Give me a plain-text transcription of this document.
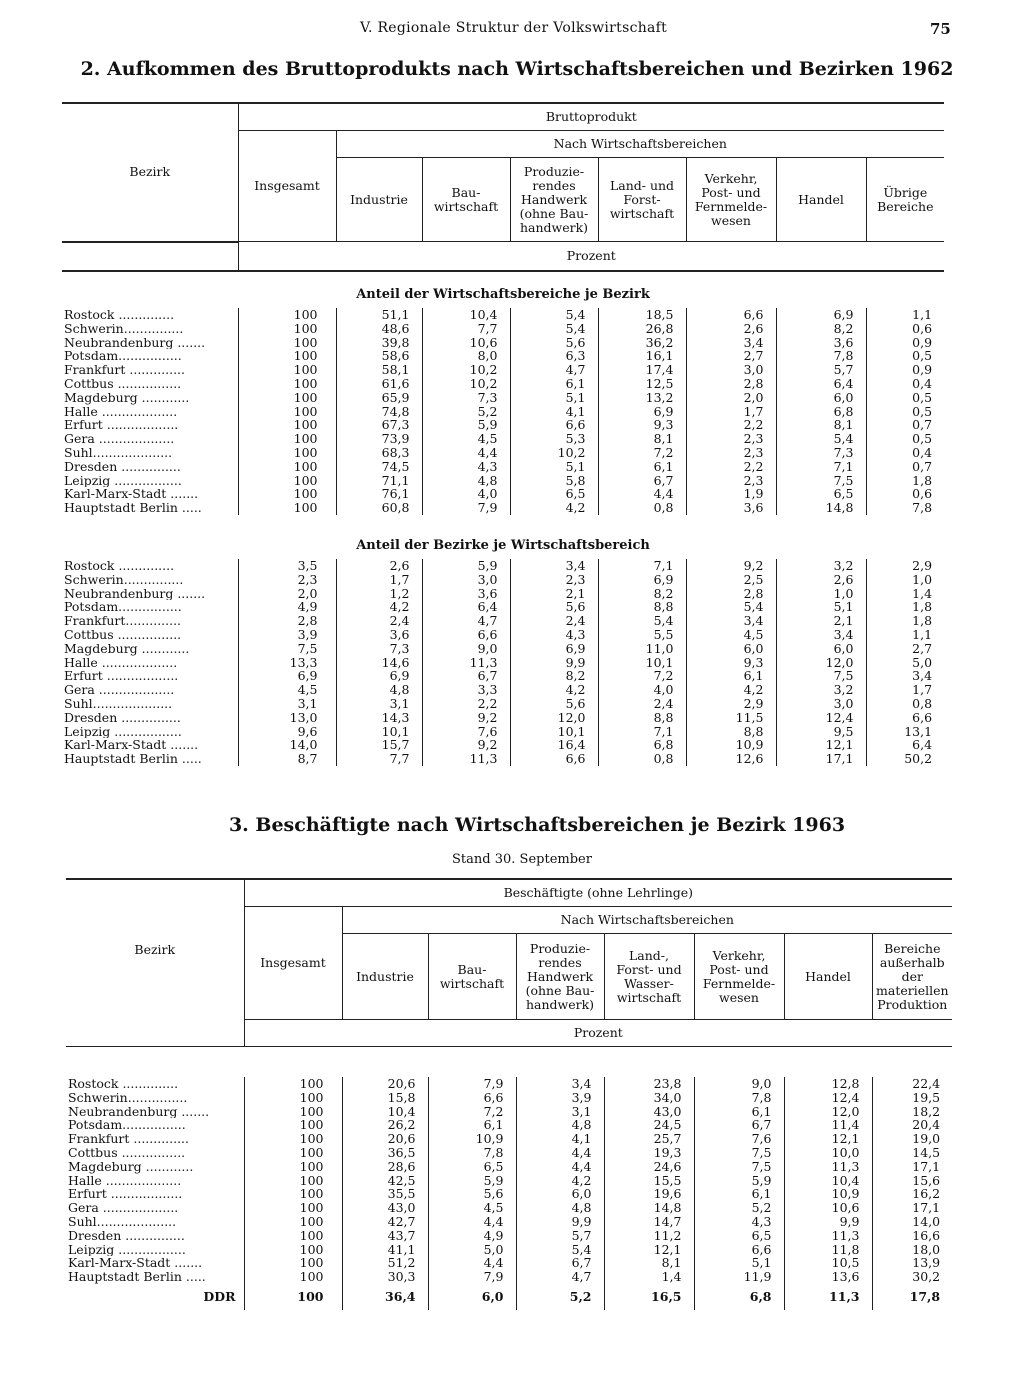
V. Regionale Struktur der Volkswirtschaft	75
2. Aufkommen des Bruttoprodukts nach Wirtschaftsbereichen und Bezirken 1962
Bezirk	Bruttoprodukt							
	Insgesamt	Nach Wirtschaftsbereichen						
		Industrie	Bau-
wirtschaft	Produzie-
rendes
Handwerk
(ohne Bau-
handwerk)	Land- und
Forst-
wirtschaft	Verkehr,
Post- und
Fernmelde-
wesen	Handel	Übrige
Bereiche
	Prozent							
Anteil der Wirtschaftsbereiche je Bezirk								
Rostock ..............	100	51,1	10,4	5,4	18,5	6,6	6,9	1,1
Schwerin...............	100	48,6	7,7	5,4	26,8	2,6	8,2	0,6
Neubrandenburg .......	100	39,8	10,6	5,6	36,2	3,4	3,6	0,9
Potsdam................	100	58,6	8,0	6,3	16,1	2,7	7,8	0,5
Frankfurt ..............	100	58,1	10,2	4,7	17,4	3,0	5,7	0,9
Cottbus ................	100	61,6	10,2	6,1	12,5	2,8	6,4	0,4
Magdeburg ............	100	65,9	7,3	5,1	13,2	2,0	6,0	0,5
Halle ...................	100	74,8	5,2	4,1	6,9	1,7	6,8	0,5
Erfurt ..................	100	67,3	5,9	6,6	9,3	2,2	8,1	0,7
Gera ...................	100	73,9	4,5	5,3	8,1	2,3	5,4	0,5
Suhl....................	100	68,3	4,4	10,2	7,2	2,3	7,3	0,4
Dresden ...............	100	74,5	4,3	5,1	6,1	2,2	7,1	0,7
Leipzig .................	100	71,1	4,8	5,8	6,7	2,3	7,5	1,8
Karl-Marx-Stadt .......	100	76,1	4,0	6,5	4,4	1,9	6,5	0,6
Hauptstadt Berlin .....	100	60,8	7,9	4,2	0,8	3,6	14,8	7,8
Anteil der Bezirke je Wirtschaftsbereich								
Rostock ..............	3,5	2,6	5,9	3,4	7,1	9,2	3,2	2,9
Schwerin...............	2,3	1,7	3,0	2,3	6,9	2,5	2,6	1,0
Neubrandenburg .......	2,0	1,2	3,6	2,1	8,2	2,8	1,0	1,4
Potsdam................	4,9	4,2	6,4	5,6	8,8	5,4	5,1	1,8
Frankfurt..............	2,8	2,4	4,7	2,4	5,4	3,4	2,1	1,8
Cottbus ................	3,9	3,6	6,6	4,3	5,5	4,5	3,4	1,1
Magdeburg ............	7,5	7,3	9,0	6,9	11,0	6,0	6,0	2,7
Halle ...................	13,3	14,6	11,3	9,9	10,1	9,3	12,0	5,0
Erfurt ..................	6,9	6,9	6,7	8,2	7,2	6,1	7,5	3,4
Gera ...................	4,5	4,8	3,3	4,2	4,0	4,2	3,2	1,7
Suhl....................	3,1	3,1	2,2	5,6	2,4	2,9	3,0	0,8
Dresden ...............	13,0	14,3	9,2	12,0	8,8	11,5	12,4	6,6
Leipzig .................	9,6	10,1	7,6	10,1	7,1	8,8	9,5	13,1
Karl-Marx-Stadt .......	14,0	15,7	9,2	16,4	6,8	10,9	12,1	6,4
Hauptstadt Berlin .....	8,7	7,7	11,3	6,6	0,8	12,6	17,1	50,2
3. Beschäftigte nach Wirtschaftsbereichen je Bezirk 1963
Stand 30. September
Bezirk	Beschäftigte (ohne Lehrlinge)							
	Insgesamt	Nach Wirtschaftsbereichen						
		Industrie	Bau-
wirtschaft	Produzie-
rendes
Handwerk
(ohne Bau-
handwerk)	Land-,
Forst- und
Wasser-
wirtschaft	Verkehr,
Post- und
Fernmelde-
wesen	Handel	Bereiche
außerhalb
der
materiellen
Produktion
	Prozent							

Rostock ..............	100	20,6	7,9	3,4	23,8	9,0	12,8	22,4
Schwerin...............	100	15,8	6,6	3,9	34,0	7,8	12,4	19,5
Neubrandenburg .......	100	10,4	7,2	3,1	43,0	6,1	12,0	18,2
Potsdam................	100	26,2	6,1	4,8	24,5	6,7	11,4	20,4
Frankfurt ..............	100	20,6	10,9	4,1	25,7	7,6	12,1	19,0
Cottbus ................	100	36,5	7,8	4,4	19,3	7,5	10,0	14,5
Magdeburg ............	100	28,6	6,5	4,4	24,6	7,5	11,3	17,1
Halle ...................	100	42,5	5,9	4,2	15,5	5,9	10,4	15,6
Erfurt ..................	100	35,5	5,6	6,0	19,6	6,1	10,9	16,2
Gera ...................	100	43,0	4,5	4,8	14,8	5,2	10,6	17,1
Suhl....................	100	42,7	4,4	9,9	14,7	4,3	9,9	14,0
Dresden ...............	100	43,7	4,9	5,7	11,2	6,5	11,3	16,6
Leipzig .................	100	41,1	5,0	5,4	12,1	6,6	11,8	18,0
Karl-Marx-Stadt .......	100	51,2	4,4	6,7	8,1	5,1	10,5	13,9
Hauptstadt Berlin .....	100	30,3	7,9	4,7	1,4	11,9	13,6	30,2
DDR	100	36,4	6,0	5,2	16,5	6,8	11,3	17,8
